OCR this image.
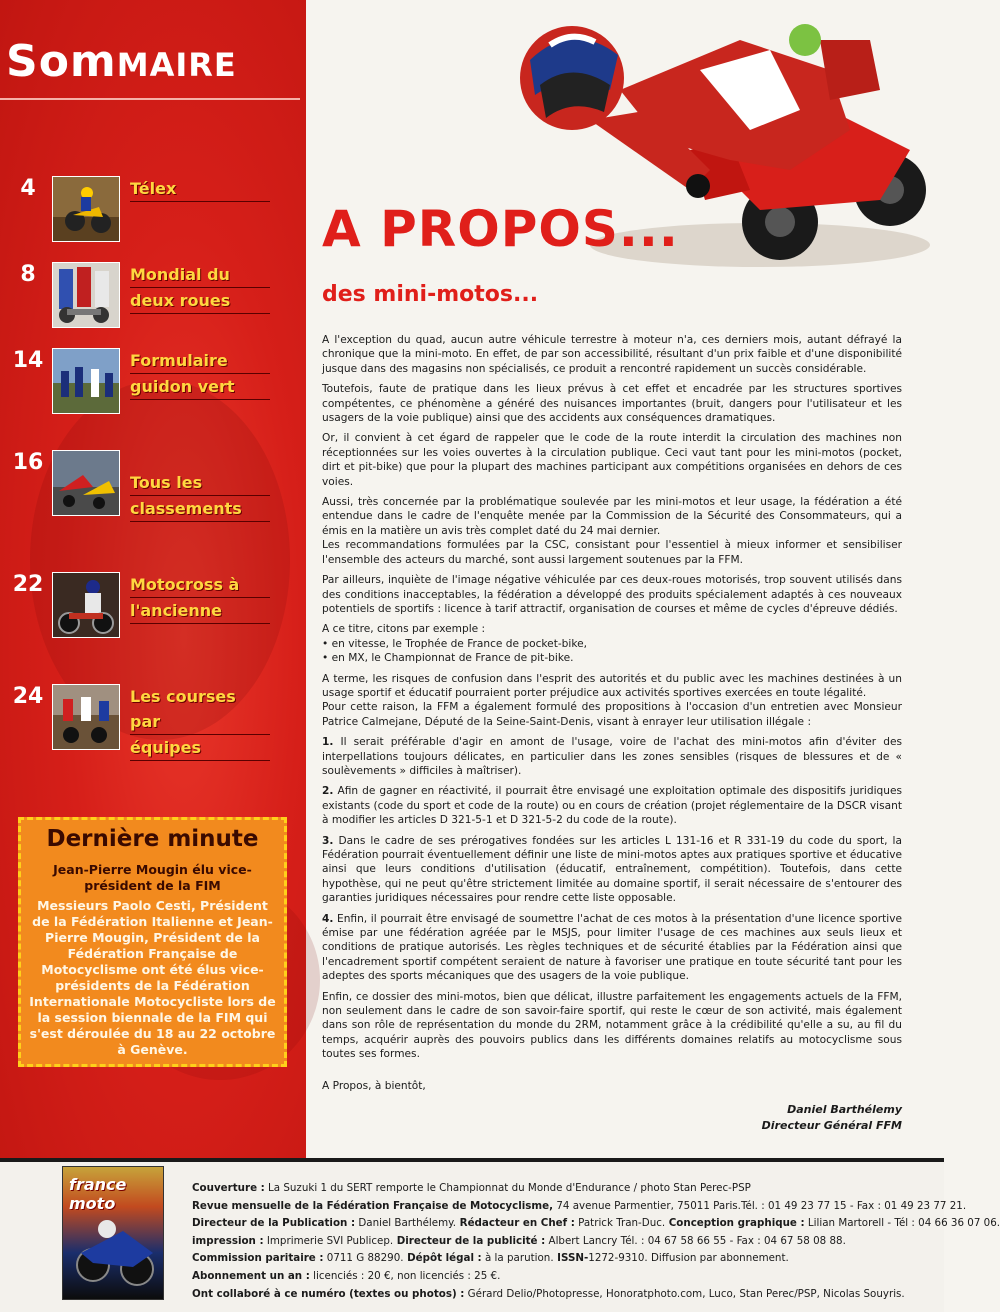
SomMAIRE
4	Télex
8	Mondial du
deux roues
14	Formulaire
guidon vert
16
Tous les
classements
22	Motocross à
l'ancienne
24	Les courses par
équipes
Dernière minute
Jean-Pierre Mougin élu vice-président de la FIM
Messieurs Paolo Cesti, Président de la Fédération Italienne et Jean-Pierre Mougin, Président de la Fédération Française de Motocyclisme ont été élus vice-présidents de la Fédération Internationale Motocycliste lors de la session biennale de la FIM qui s'est déroulée du 18 au 22 octobre à Genève.
A PROPOS...
des mini-motos...

A l'exception du quad, aucun autre véhicule terrestre à moteur n'a, ces derniers mois, autant défrayé la chronique que la mini-moto. En effet, de par son accessibilité, résultant d'un prix faible et d'une disponibilité jusque dans des magasins non spécialisés, ce produit a rencontré rapidement un succès considérable.

Toutefois, faute de pratique dans les lieux prévus à cet effet et encadrée par les structures sportives compétentes, ce phénomène a généré des nuisances importantes (bruit, dangers pour l'utilisateur et les usagers de la voie publique) ainsi que des accidents aux conséquences dramatiques.

Or, il convient à cet égard de rappeler que le code de la route interdit la circulation des machines non réceptionnées sur les voies ouvertes à la circulation publique. Ceci vaut tant pour les mini-motos (pocket, dirt et pit-bike) que pour la plupart des machines participant aux compétitions organisées en dehors de ces voies.

Aussi, très concernée par la problématique soulevée par les mini-motos et leur usage, la fédération a été entendue dans le cadre de l'enquête menée par la Commission de la Sécurité des Consommateurs, qui a émis en la matière un avis très complet daté du 24 mai dernier.

Les recommandations formulées par la CSC, consistant pour l'essentiel à mieux informer et sensibiliser l'ensemble des acteurs du marché, sont aussi largement soutenues par la FFM.

Par ailleurs, inquiète de l'image négative véhiculée par ces deux-roues motorisés, trop souvent utilisés dans des conditions inacceptables, la fédération a développé des produits spécialement adaptés à ces nouveaux potentiels de sportifs : licence à tarif attractif, organisation de courses et même de cycles d'épreuve dédiés.

A ce titre, citons par exemple :

• en vitesse, le Trophée de France de pocket-bike,
• en MX, le Championnat de France de pit-bike.

A terme, les risques de confusion dans l'esprit des autorités et du public avec les machines destinées à un usage sportif et éducatif pourraient porter préjudice aux activités sportives exercées en toute légalité.

Pour cette raison, la FFM a également formulé des propositions à l'occasion d'un entretien avec Monsieur Patrice Calmejane, Député de la Seine-Saint-Denis, visant à enrayer leur utilisation illégale :

1. Il serait préférable d'agir en amont de l'usage, voire de l'achat des mini-motos afin d'éviter des interpellations toujours délicates, en particulier dans les zones sensibles (risques de blessures et de « soulèvements » difficiles à maîtriser).

2. Afin de gagner en réactivité, il pourrait être envisagé une exploitation optimale des dispositifs juridiques existants (code du sport et code de la route) ou en cours de création (projet réglementaire de la DSCR visant à modifier les articles D 321-5-1 et D 321-5-2 du code de la route).

3. Dans le cadre de ses prérogatives fondées sur les articles L 131-16 et R 331-19 du code du sport, la Fédération pourrait éventuellement définir une liste de mini-motos aptes aux pratiques sportive et éducative ainsi que leurs conditions d'utilisation (éducatif, entraînement, compétition). Toutefois, dans cette hypothèse, qui ne peut qu'être strictement limitée au domaine sportif, il serait nécessaire de s'entourer des garanties juridiques nécessaires pour rendre cette liste opposable.

4. Enfin, il pourrait être envisagé de soumettre l'achat de ces motos à la présentation d'une licence sportive émise par une fédération agréée par le MSJS, pour limiter l'usage de ces machines aux seuls lieux et conditions de pratique autorisés. Les règles techniques et de sécurité établies par la Fédération ainsi que l'encadrement sportif compétent seraient de nature à favoriser une pratique en toute sécurité tant pour les adeptes des sports mécaniques que des usagers de la voie publique.

Enfin, ce dossier des mini-motos, bien que délicat, illustre parfaitement les engagements actuels de la FFM, non seulement dans le cadre de son savoir-faire sportif, qui reste le cœur de son activité, mais également dans son rôle de représentation du monde du 2RM, notamment grâce à la crédibilité qu'elle a su, au fil du temps, acquérir auprès des pouvoirs publics dans les différents domaines relatifs au motocyclisme sous toutes ses formes.

A Propos, à bientôt,
Daniel Barthélemy
Directeur Général FFM
france moto
Couverture : La Suzuki 1 du SERT remporte le Championnat du Monde d'Endurance / photo Stan Perec-PSP
Revue mensuelle de la Fédération Française de Motocyclisme, 74 avenue Parmentier, 75011 Paris.Tél. : 01 49 23 77 15 - Fax : 01 49 23 77 21.
Directeur de la Publication : Daniel Barthélemy. Rédacteur en Chef : Patrick Tran-Duc. Conception graphique : Lilian Martorell - Tél : 04 66 36 07 06.
impression : Imprimerie SVI Publicep. Directeur de la publicité : Albert Lancry Tél. : 04 67 58 66 55 - Fax : 04 67 58 08 88.
Commission paritaire : 0711 G 88290. Dépôt légal : à la parution. ISSN-1272-9310. Diffusion par abonnement.
Abonnement un an : licenciés : 20 €, non licenciés : 25 €.
Ont collaboré à ce numéro (textes ou photos) : Gérard Delio/Photopresse, Honoratphoto.com, Luco, Stan Perec/PSP, Nicolas Souyris.
